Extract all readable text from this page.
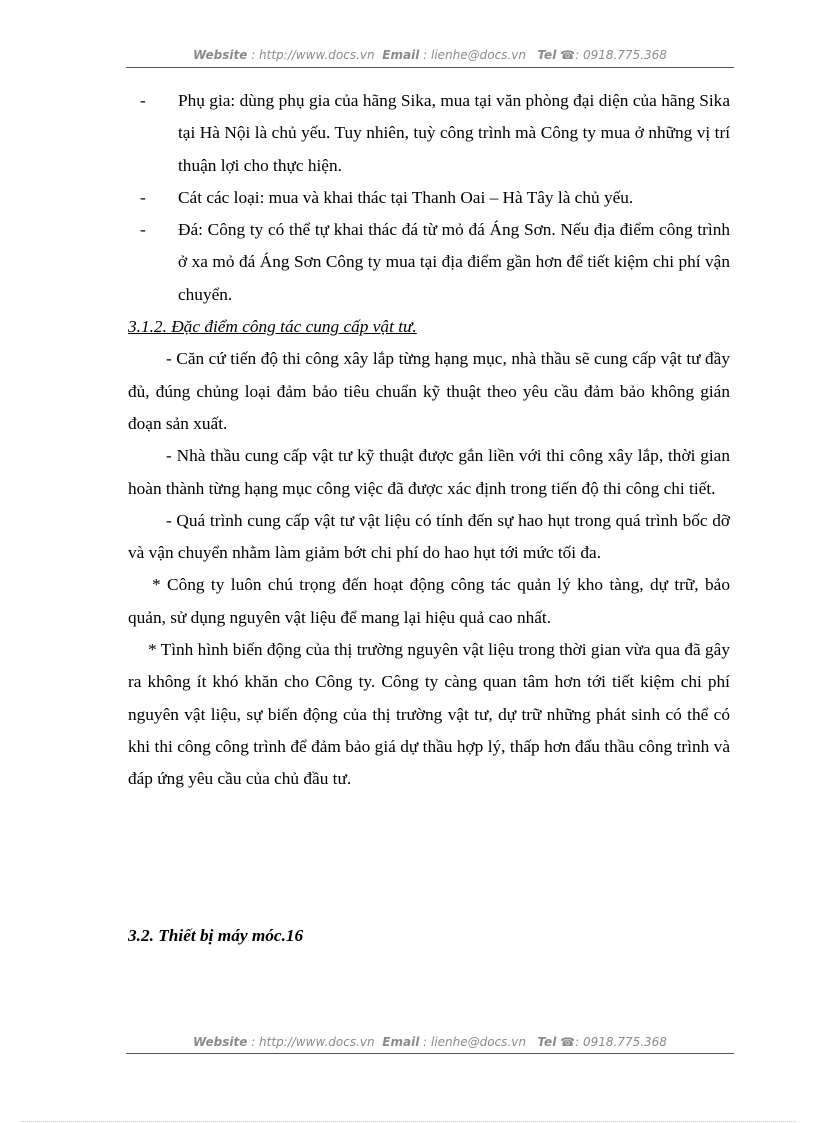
Website : http://www.docs.vn Email : lienhe@docs.vn Tel ☎: 0918.775.368
-	Phụ gia: dùng phụ gia của hãng Sika, mua tại văn phòng đại diện của hãng Sika tại Hà Nội là chủ yếu. Tuy nhiên, tuỳ công trình mà Công ty mua ở những vị trí thuận lợi cho thực hiện.
-	Cát các loại: mua và khai thác tại Thanh Oai – Hà Tây là chủ yếu.
-	Đá: Công ty có thể tự khai thác đá từ mỏ đá Áng Sơn. Nếu địa điểm công trình ở xa mỏ đá Áng Sơn Công ty mua tại địa điểm gần hơn để tiết kiệm chi phí vận chuyển.

3.1.2. Đặc điểm công tác cung cấp vật tư.

- Căn cứ tiến độ thi công xây lắp từng hạng mục, nhà thầu sẽ cung cấp vật tư đầy đủ, đúng chủng loại đảm bảo tiêu chuẩn kỹ thuật theo yêu cầu đảm bảo không gián đoạn sản xuất.

- Nhà thầu cung cấp vật tư kỹ thuật được gắn liền với thi công xây lắp, thời gian hoàn thành từng hạng mục công việc đã được xác định trong tiến độ thi công chi tiết.

- Quá trình cung cấp vật tư vật liệu có tính đến sự hao hụt trong quá trình bốc dỡ và vận chuyển nhằm làm giảm bớt chi phí do hao hụt tới mức tối đa.

* Công ty luôn chú trọng đến hoạt động công tác quản lý kho tàng, dự trữ, bảo quản, sử dụng nguyên vật liệu để mang lại hiệu quả cao nhất.

* Tình hình biến động của thị trường nguyên vật liệu trong thời gian vừa qua đã gây ra không ít khó khăn cho Công ty. Công ty càng quan tâm hơn tới tiết kiệm chi phí nguyên vật liệu, sự biến động của thị trường vật tư, dự trữ những phát sinh có thể có khi thi công công trình để đảm bảo giá dự thầu hợp lý, thấp hơn đấu thầu công trình và đáp ứng yêu cầu của chủ đầu tư.

3.2. Thiết bị máy móc.16
Website : http://www.docs.vn Email : lienhe@docs.vn Tel ☎: 0918.775.368
